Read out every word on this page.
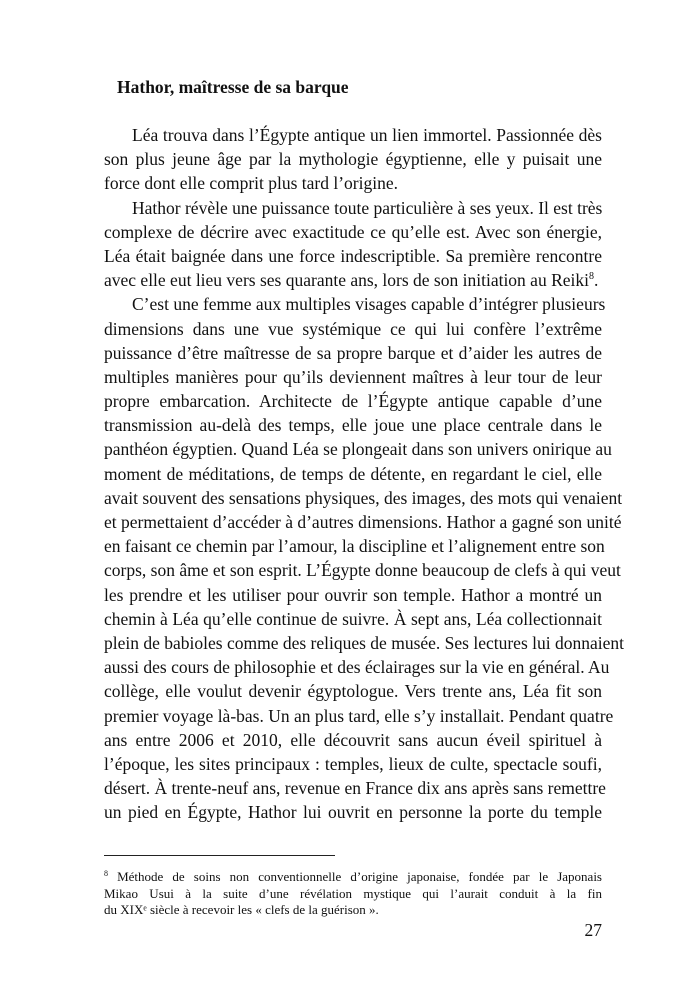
Hathor, maîtresse de sa barque
Léa trouva dans l’Égypte antique un lien immortel. Passionnée dès
son plus jeune âge par la mythologie égyptienne, elle y puisait une
force dont elle comprit plus tard l’origine.
Hathor révèle une puissance toute particulière à ses yeux. Il est très
complexe de décrire avec exactitude ce qu’elle est. Avec son énergie,
Léa était baignée dans une force indescriptible. Sa première rencontre
avec elle eut lieu vers ses quarante ans, lors de son initiation au Reiki$^8$.
C’est une femme aux multiples visages capable d’intégrer plusieurs
dimensions dans une vue systémique ce qui lui confère l’extrême
puissance d’être maîtresse de sa propre barque et d’aider les autres de
multiples manières pour qu’ils deviennent maîtres à leur tour de leur
propre embarcation. Architecte de l’Égypte antique capable d’une
transmission au-delà des temps, elle joue une place centrale dans le
panthéon égyptien. Quand Léa se plongeait dans son univers onirique au
moment de méditations, de temps de détente, en regardant le ciel, elle
avait souvent des sensations physiques, des images, des mots qui venaient
et permettaient d’accéder à d’autres dimensions. Hathor a gagné son unité
en faisant ce chemin par l’amour, la discipline et l’alignement entre son
corps, son âme et son esprit. L’Égypte donne beaucoup de clefs à qui veut
les prendre et les utiliser pour ouvrir son temple. Hathor a montré un
chemin à Léa qu’elle continue de suivre. À sept ans, Léa collectionnait
plein de babioles comme des reliques de musée. Ses lectures lui donnaient
aussi des cours de philosophie et des éclairages sur la vie en général. Au
collège, elle voulut devenir égyptologue. Vers trente ans, Léa fit son
premier voyage là-bas. Un an plus tard, elle s’y installait. Pendant quatre
ans entre 2006 et 2010, elle découvrit sans aucun éveil spirituel à
l’époque, les sites principaux : temples, lieux de culte, spectacle soufi,
désert. À trente-neuf ans, revenue en France dix ans après sans remettre
un pied en Égypte, Hathor lui ouvrit en personne la porte du temple
$^8$ Méthode de soins non conventionnelle d’origine japonaise, fondée par le Japonais
Mikao Usui à la suite d’une révélation mystique qui l’aurait conduit à la fin
du XIXᵉ siècle à recevoir les « clefs de la guérison ».
27
